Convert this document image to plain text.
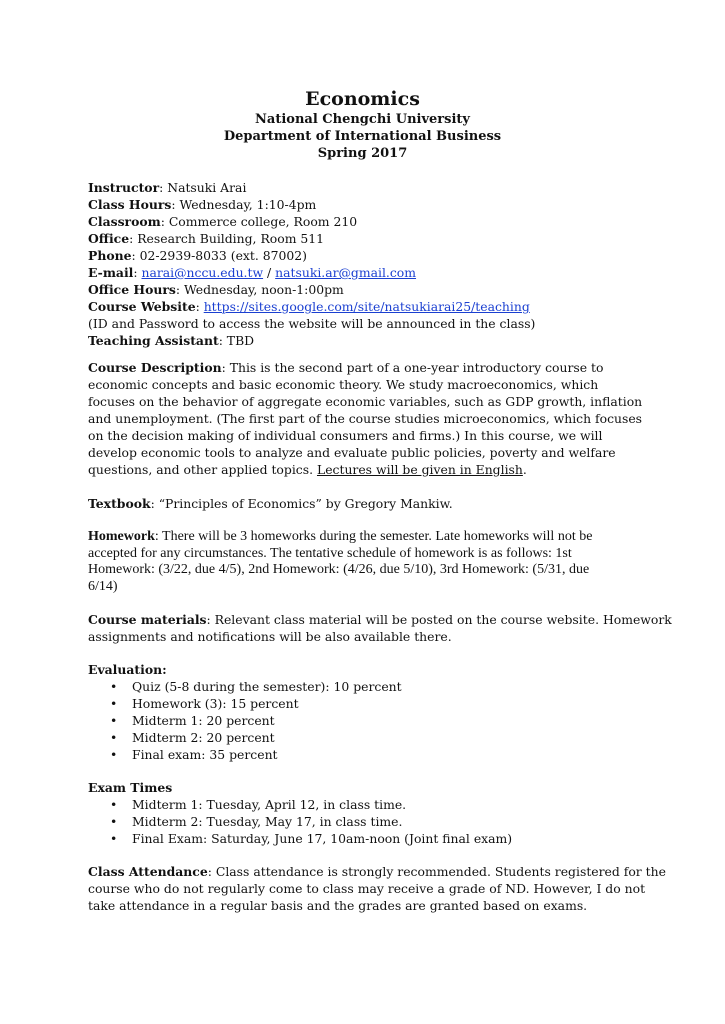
Economics
National Chengchi University
Department of International Business
Spring 2017
Instructor: Natsuki Arai
Class Hours: Wednesday, 1:10-4pm
Classroom: Commerce college, Room 210
Office: Research Building, Room 511
Phone: 02-2939-8033 (ext. 87002)
E-mail: narai@nccu.edu.tw / natsuki.ar@gmail.com
Office Hours: Wednesday, noon-1:00pm
Course Website: https://sites.google.com/site/natsukiarai25/teaching
(ID and Password to access the website will be announced in the class)
Teaching Assistant: TBD
Course Description: This is the second part of a one-year introductory course to
economic concepts and basic economic theory. We study macroeconomics, which
focuses on the behavior of aggregate economic variables, such as GDP growth, inflation
and unemployment. (The first part of the course studies microeconomics, which focuses
on the decision making of individual consumers and firms.) In this course, we will
develop economic tools to analyze and evaluate public policies, poverty and welfare
questions, and other applied topics. Lectures will be given in English.
Textbook: “Principles of Economics” by Gregory Mankiw.
Homework: There will be 3 homeworks during the semester. Late homeworks will not be
accepted for any circumstances. The tentative schedule of homework is as follows: 1st
Homework: (3/22, due 4/5), 2nd Homework: (4/26, due 5/10), 3rd Homework: (5/31, due
6/14)
Course materials: Relevant class material will be posted on the course website. Homework
assignments and notifications will be also available there.
Evaluation:
• Quiz (5-8 during the semester): 10 percent
• Homework (3): 15 percent
• Midterm 1: 20 percent
• Midterm 2: 20 percent
• Final exam: 35 percent
Exam Times
• Midterm 1: Tuesday, April 12, in class time.
• Midterm 2: Tuesday, May 17, in class time.
• Final Exam: Saturday, June 17, 10am-noon (Joint final exam)
Class Attendance: Class attendance is strongly recommended. Students registered for the
course who do not regularly come to class may receive a grade of ND. However, I do not
take attendance in a regular basis and the grades are granted based on exams.
